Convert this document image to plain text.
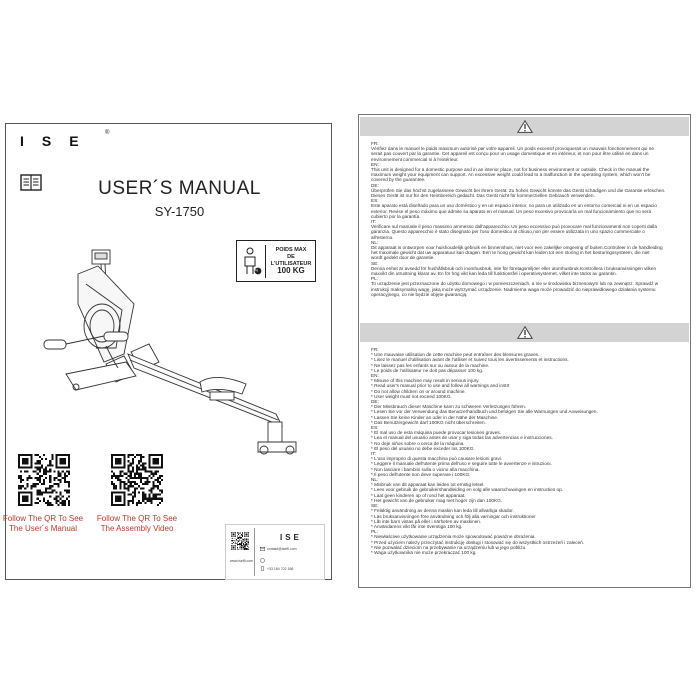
ISE ®
USER´S MANUAL
SY-1750
kg
POIDS MAX
DE L'UTILISATEUR
100 KG
Follow The QR To See
The User´s Manual
Follow The QR To See
The Assembly Video
ISE
contact@iseffi.com
www.iseffi.com
+33 184 702 166
FR:
Vérifiez dans le manuel le poids maximum autorisé par votre appareil. Un poids excessif provoquerait un mauvais fonctionnement qui ne
serait pas couvert par la garantie. Cet appareil est conçu pour un usage domestique et en intérieur, et non pour être utilisé en dans un
environnement commercial ni à l'extérieur.
EN:
This unit is designed for a domestic purpose and in an interior place, not for business environment or outside. Check in the manual the
maximum weight your equipment can support. An excessive weight could lead to a malfunction in the operating system, which won't be
covered by the guarantee.
DE:
Überprüfen Sie das höchst zugelassene Gewicht bei Ihrem Gerät. Zu hohes Gewicht könnte das Gerät schädigen und die Garantie erlöschen.
Dieses Gerät ist nur für den Heimbereich gedacht. Das Gerät nicht für kommerziellen Gebrauch verwenden.
ES:
Este aparato está diseñado para un uso doméstico y en un espacio interior, no para un utilizado en un entorno comercial ni en un espacio
exterior. Revise el peso máximo que admite su aparato en el manual. Un peso excesivo provocaría un mal funcionamiento que no será
cubierto por la garantía.
IT:
Verificare sul manuale il peso massimo ammesso dall'apparecchio. Un peso eccessivo può provocare mal funzionamenti non coperti dalla
garanzia. Questo apparecchio è stato disegnato per l'uso domestico al chiuso,non per essere utilizzata in uno spazio commerciale o
all'esterno.
NL:
Dit apparaat is ontworpen voor huishoudelijk gebruik en binnenshuis, niet voor een zakelijke omgeving of buiten.Controleer in de handleiding
het maximale gewicht dat uw apparatuur kan dragen. Een te hoog gewicht kan leiden tot een storing in het besturingssysteem, die niet
wordt gedekt door de garantie.
SE:
Denna enhet är avsedd för hushållsbruk och inomhusbruk, inte för företagsmiljöer eller utomhusbruk.Kontrollera i bruksanvisningen vilken
maxvikt din utrustning klarar av. En för hög vikt kan leda till funktionsfel i operativsystemet, vilket inte täcks av garantin.
PL:
To urządzenie jest przeznaczone do użytku domowego i w pomieszczeniach, a nie w środowisku biznesowym lub na zewnątrz. Sprawdź w
instrukcji maksymalną wagę, jaką może wytrzymać urządzenie. Nadmierna waga może prowadzić do nieprawidłowego działania systemu
operacyjnego, co nie będzie objęte gwarancją.
FR:
* Une mauvaise utilisation de cette machine peut entraîner des blessures graves.
* Lisez le manuel d'utilisation avant de l'utiliser et suivez tous les avertissements et instructions.
* Ne laissez pas les enfants sur ou autour de la machine.
* Le poids de l'utilisateur ne doit pas dépasser 100 kg.
EN:
* Misuse of this machine may result in serious injury.
* Read user's manual prior to use and follow all warnings and instrt
* Do not allow children on or around machine.
* User weight must not exceed 100KG.
DE:
* Der Missbrauch dieser Maschine kann zu schweren Verletzungen führen.
* Lesen Sie vor der Verwendung das Benutzerhandbuch und befolgen Sie alle Warnungen und Anweisungen.
* Lassen Sie keine Kinder an oder in der Nähe der Maschine.
* Das Benutzergewicht darf 100KG nicht überschreiten.
ES:
* El mal uso de esta máquina puede provocar lesiones graves.
* Lea el manual del usuario antes de usar y siga todas las advertencias e instrucciones.
* No deje niños sobre o cerca de la máquina.
* El peso del usuario no debe exceder los 100KG.
IT:
* L'uso improprio di questa macchina può causare lesioni gravi.
* Leggere il manuale dell'utente prima dell'uso e seguire tutte le avvertenze e istruzioni.
* Non lasciare i bambini sulla o vicino alla macchina.
* Il peso dell'utente non deve superare i 100KG.
NL:
* Misbruik van dit apparaat kan leiden tot ernstig letsel.
* Lees voor gebruik de gebruikershandleiding en volg alle waarschuwingen en instructies op.
* Laat geen kinderen op of rond het apparaat.
* Het gewicht van de gebruiker mag niet hoger zijn dan 100KG.
SE:
* Felaktig användning av denna maskin kan leda till allvarliga skador.
* Läs bruksanvisningen före användning och följ alla varningar och instruktioner
* Låt inte barn vistas på eller i närheten av maskinen.
* Användarens vikt får inte överstiga 100 kg.
PL:
* Niewłaściwe użytkowanie urządzenia może spowodować poważne obrażenia.
* Przed użyciem należy przeczytać instrukcję obsługi i stosować się do wszystkich ostrzeżeń i zaleceń.
* Nie pozwalać dzieciom na przebywanie na urządzeniu lub w jego pobliżu.
* Waga użytkownika nie może przekraczać 100 kg.
